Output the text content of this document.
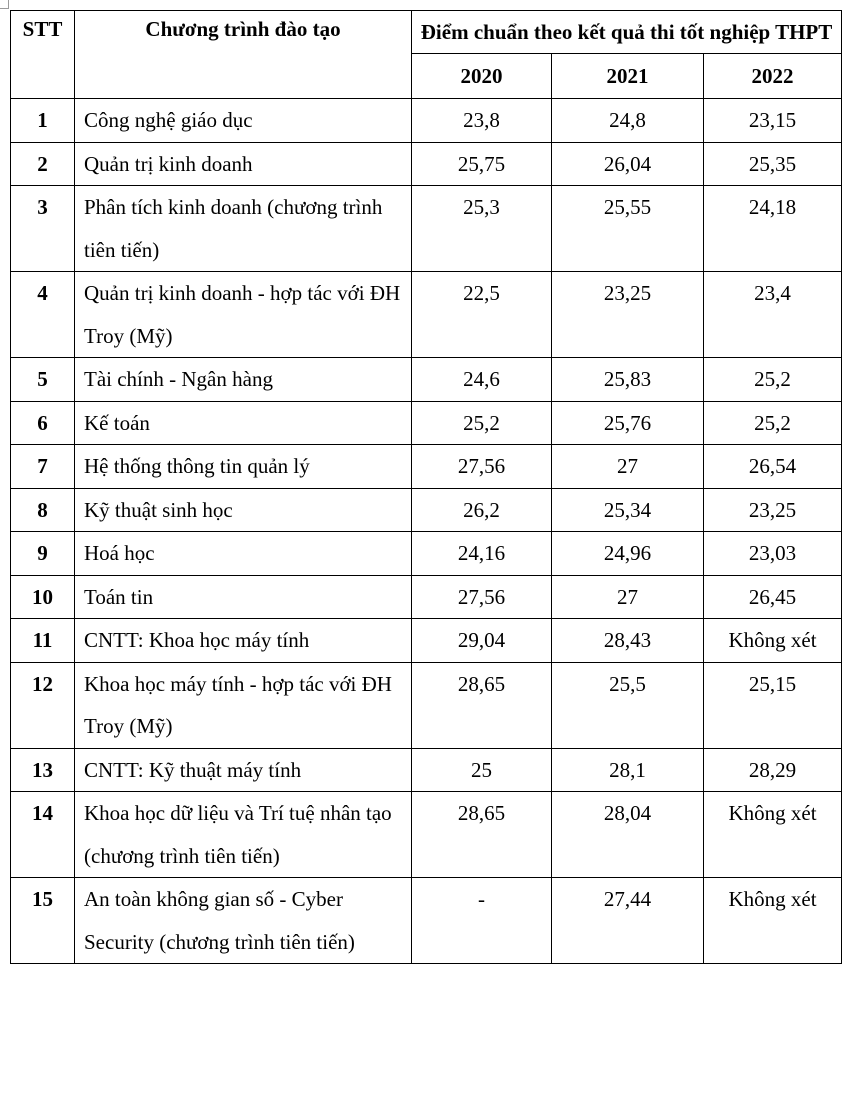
STT	Chương trình đào tạo	Điểm chuẩn theo kết quả thi tốt nghiệp THPT		
		2020	2021	2022
1	Công nghệ giáo dục	23,8	24,8	23,15
2	Quản trị kinh doanh	25,75	26,04	25,35
3	Phân tích kinh doanh (chương trình tiên tiến)	25,3	25,55	24,18
4	Quản trị kinh doanh - hợp tác với ĐH Troy (Mỹ)	22,5	23,25	23,4
5	Tài chính - Ngân hàng	24,6	25,83	25,2
6	Kế toán	25,2	25,76	25,2
7	Hệ thống thông tin quản lý	27,56	27	26,54
8	Kỹ thuật sinh học	26,2	25,34	23,25
9	Hoá học	24,16	24,96	23,03
10	Toán tin	27,56	27	26,45
11	CNTT: Khoa học máy tính	29,04	28,43	Không xét
12	Khoa học máy tính - hợp tác với ĐH Troy (Mỹ)	28,65	25,5	25,15
13	CNTT: Kỹ thuật máy tính	25	28,1	28,29
14	Khoa học dữ liệu và Trí tuệ nhân tạo (chương trình tiên tiến)	28,65	28,04	Không xét
15	An toàn không gian số - Cyber Security (chương trình tiên tiến)	-	27,44	Không xét
